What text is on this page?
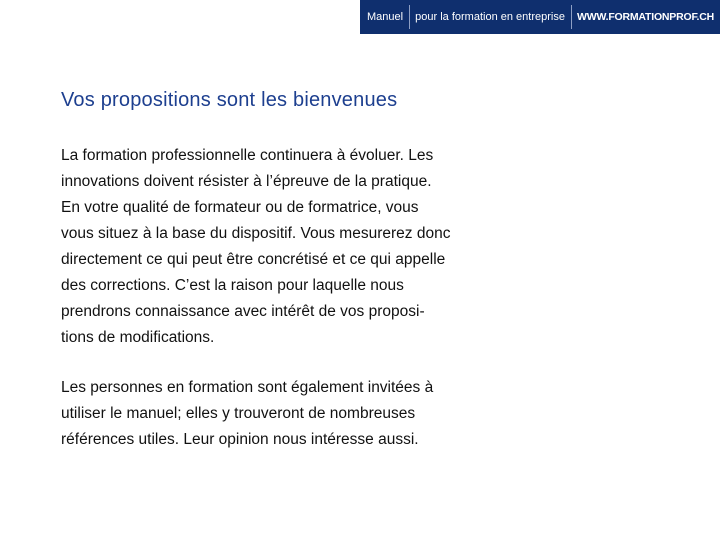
Manuel	pour la formation en entreprise	WWW.FORMATIONPROF.CH
Vos propositions sont les bienvenues

La formation professionnelle continuera à évoluer. Les
innovations doivent résister à l’épreuve de la pratique.
En votre qualité de formateur ou de formatrice, vous
vous situez à la base du dispositif. Vous mesurerez donc
directement ce qui peut être concrétisé et ce qui appelle
des corrections. C’est la raison pour laquelle nous
prendrons connaissance avec intérêt de vos proposi-
tions de modifications.

Les personnes en formation sont également invitées à
utiliser le manuel; elles y trouveront de nombreuses
références utiles. Leur opinion nous intéresse aussi.
